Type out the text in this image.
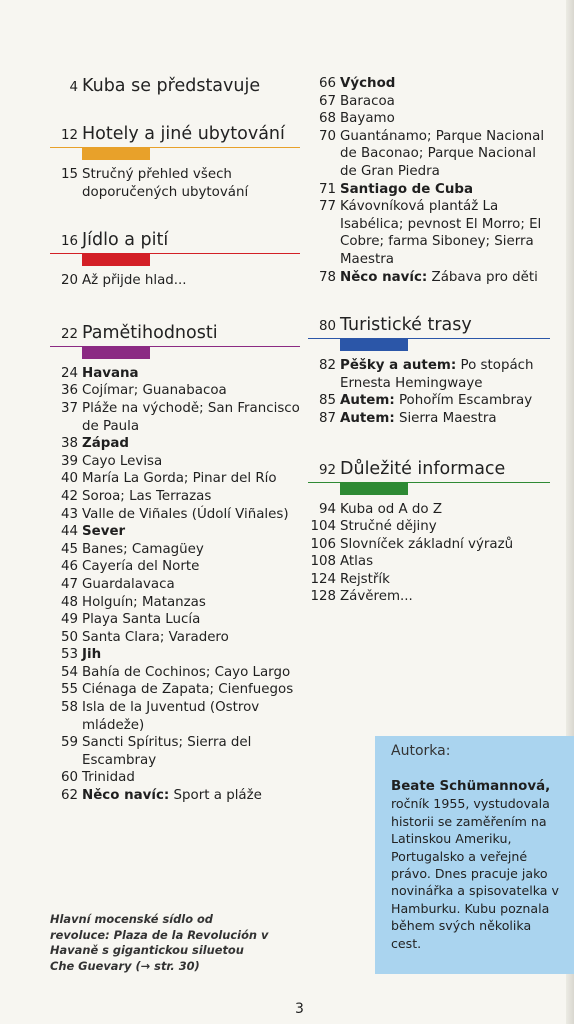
4 Kuba se představuje
12 Hotely a jiné ubytování
15 Stručný přehled všech doporučených ubytování
16 Jídlo a pití
20 Až přijde hlad...
22 Pamětihodnosti
24 Havana
36 Cojímar; Guanabacoa
37 Pláže na východě; San Francisco de Paula
38 Západ
39 Cayo Levisa
40 María La Gorda; Pinar del Río
42 Soroa; Las Terrazas
43 Valle de Viñales (Údolí Viñales)
44 Sever
45 Banes; Camagüey
46 Cayería del Norte
47 Guardalavaca
48 Holguín; Matanzas
49 Playa Santa Lucía
50 Santa Clara; Varadero
53 Jih
54 Bahía de Cochinos; Cayo Largo
55 Ciénaga de Zapata; Cienfuegos
58 Isla de la Juventud (Ostrov mládeže)
59 Sancti Spíritus; Sierra del Escambray
60 Trinidad
62 Něco navíc: Sport a pláže
66 Východ
67 Baracoa
68 Bayamo
70 Guantánamo; Parque Nacional de Baconao; Parque Nacional de Gran Piedra
71 Santiago de Cuba
77 Kávovníková plantáž La Isabélica; pevnost El Morro; El Cobre; farma Siboney; Sierra Maestra
78 Něco navíc: Zábava pro děti
80 Turistické trasy
82 Pěšky a autem: Po stopách Ernesta Hemingwaye
85 Autem: Pohořím Escambray
87 Autem: Sierra Maestra
92 Důležité informace
94 Kuba od A do Z
104 Stručné dějiny
106 Slovníček základní výrazů
108 Atlas
124 Rejstřík
128 Závěrem...
Hlavní mocenské sídlo od revoluce: Plaza de la Revolución v Havaně s gigantickou siluetou Che Guevary (→ str. 30)
Autorka:
Beate Schümannová,
ročník 1955, vystudovala historii se zaměřením na Latinskou Ameriku, Portugalsko a veřejné právo. Dnes pracuje jako novinářka a spisovatelka v Hamburku. Kubu poznala během svých několika cest.
3
